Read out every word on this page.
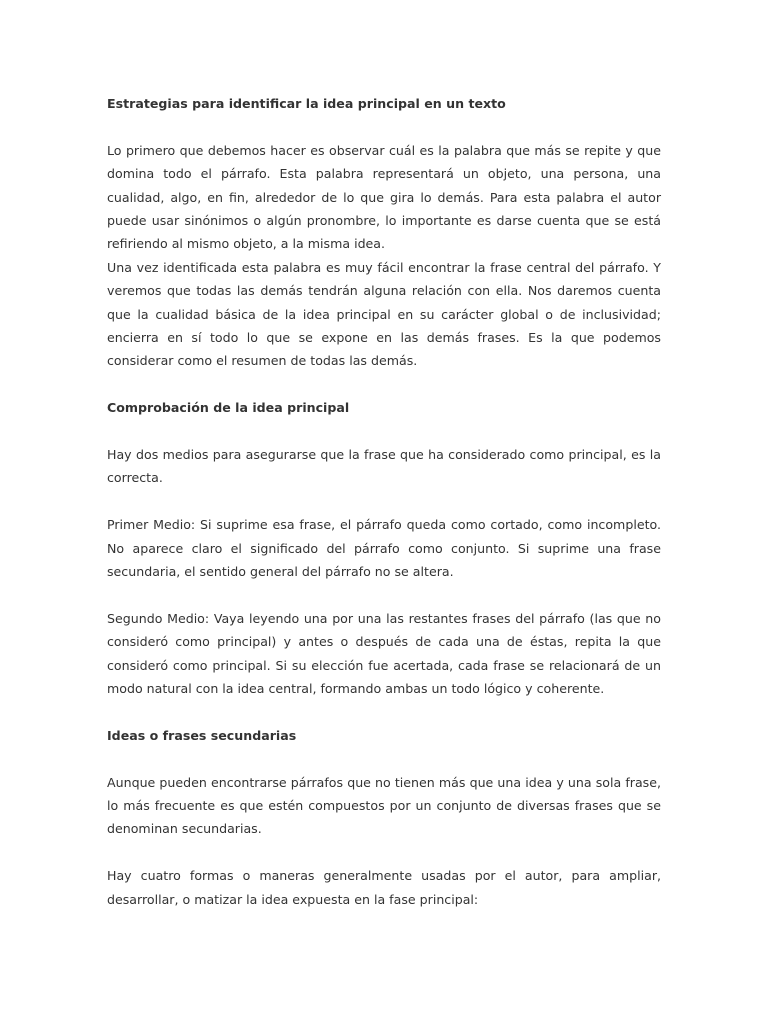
Estrategias para identificar la idea principal en un texto

Lo primero que debemos hacer es observar cuál es la palabra que más se repite y que domina todo el párrafo. Esta palabra representará un objeto, una persona, una cualidad, algo, en fin, alrededor de lo que gira lo demás. Para esta palabra el autor puede usar sinónimos o algún pronombre, lo importante es darse cuenta que se está refiriendo al mismo objeto, a la misma idea.

Una vez identificada esta palabra es muy fácil encontrar la frase central del párrafo. Y veremos que todas las demás tendrán alguna relación con ella. Nos daremos cuenta que la cualidad básica de la idea principal en su carácter global o de inclusividad; encierra en sí todo lo que se expone en las demás frases. Es la que podemos considerar como el resumen de todas las demás.

Comprobación de la idea principal

Hay dos medios para asegurarse que la frase que ha considerado como principal, es la correcta.

Primer Medio: Si suprime esa frase, el párrafo queda como cortado, como incompleto. No aparece claro el significado del párrafo como conjunto. Si suprime una frase secundaria, el sentido general del párrafo no se altera.

Segundo Medio: Vaya leyendo una por una las restantes frases del párrafo (las que no consideró como principal) y antes o después de cada una de éstas, repita la que consideró como principal. Si su elección fue acertada, cada frase se relacionará de un modo natural con la idea central, formando ambas un todo lógico y coherente.

Ideas o frases secundarias

Aunque pueden encontrarse párrafos que no tienen más que una idea y una sola frase, lo más frecuente es que estén compuestos por un conjunto de diversas frases que se denominan secundarias.

Hay cuatro formas o maneras generalmente usadas por el autor, para ampliar, desarrollar, o matizar la idea expuesta en la fase principal:
